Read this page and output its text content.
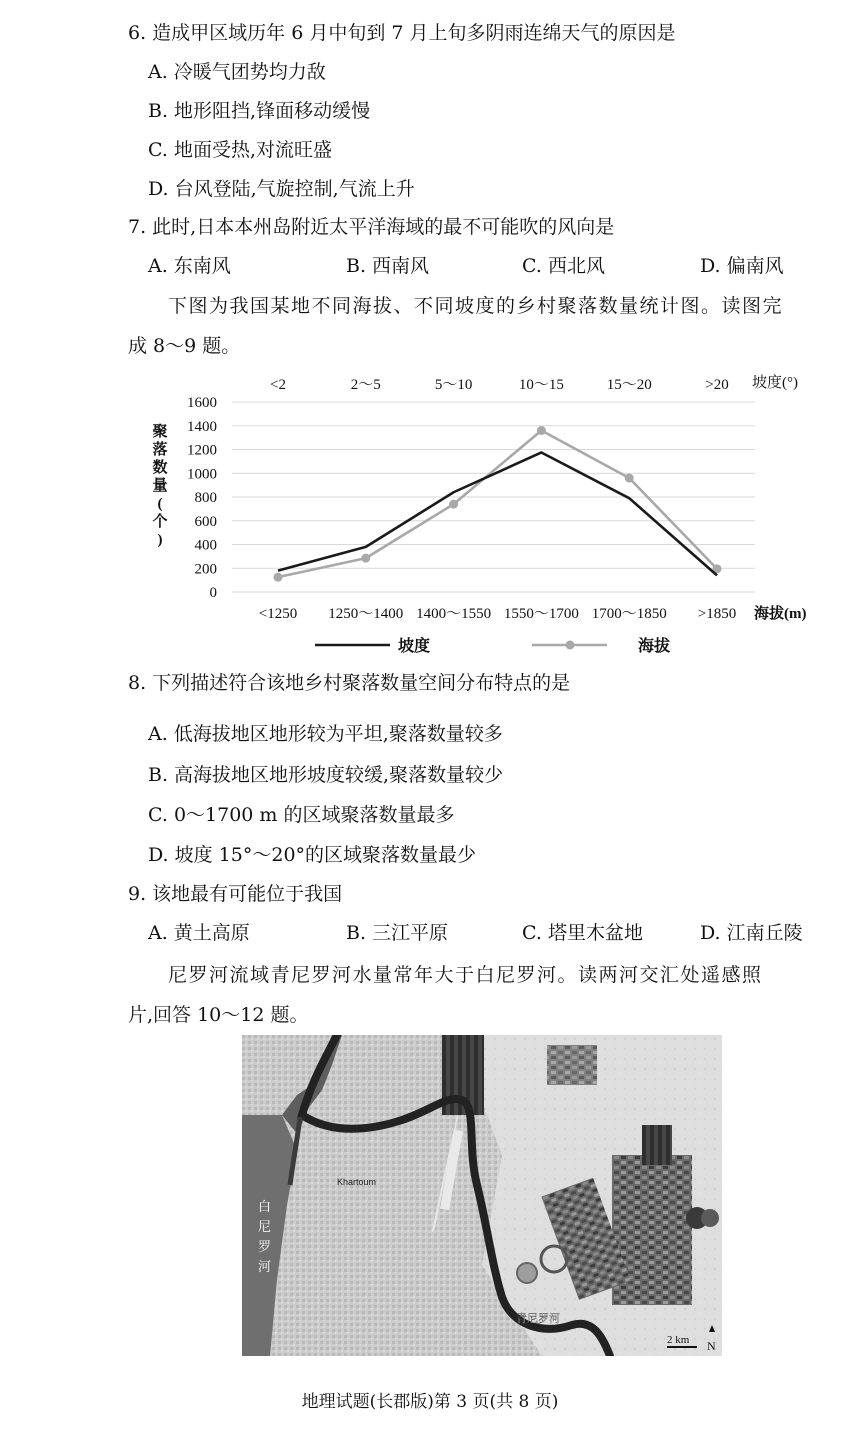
6. 造成甲区域历年 6 月中旬到 7 月上旬多阴雨连绵天气的原因是
A. 冷暖气团势均力敌
B. 地形阻挡,锋面移动缓慢
C. 地面受热,对流旺盛
D. 台风登陆,气旋控制,气流上升
7. 此时,日本本州岛附近太平洋海域的最不可能吹的风向是
A. 东南风	B. 西南风	C. 西北风	D. 偏南风
下图为我国某地不同海拔、不同坡度的乡村聚落数量统计图。读图完
成 8～9 题。
1600
1400
1200
1000
800
600
400
200
0
聚
落
数
量
(
个
)
<2	2～5	5～10	10～15	15～20	>20 坡度(°)
<1250 1250～1400 1400～1550 1550～1700 1700～1850 >1850 海拔(m)
坡度	海拔
8. 下列描述符合该地乡村聚落数量空间分布特点的是
A. 低海拔地区地形较为平坦,聚落数量较多
B. 高海拔地区地形坡度较缓,聚落数量较少
C. 0～1700 m 的区域聚落数量最多
D. 坡度 15°～20°的区域聚落数量最少
9. 该地最有可能位于我国
A. 黄土高原	B. 三江平原	C. 塔里木盆地	D. 江南丘陵
尼罗河流域青尼罗河水量常年大于白尼罗河。读两河交汇处遥感照
片,回答 10～12 题。
白
尼
罗
河
Khartoum
青尼罗河
2 km N
地理试题(长郡版)第 3 页(共 8 页)
